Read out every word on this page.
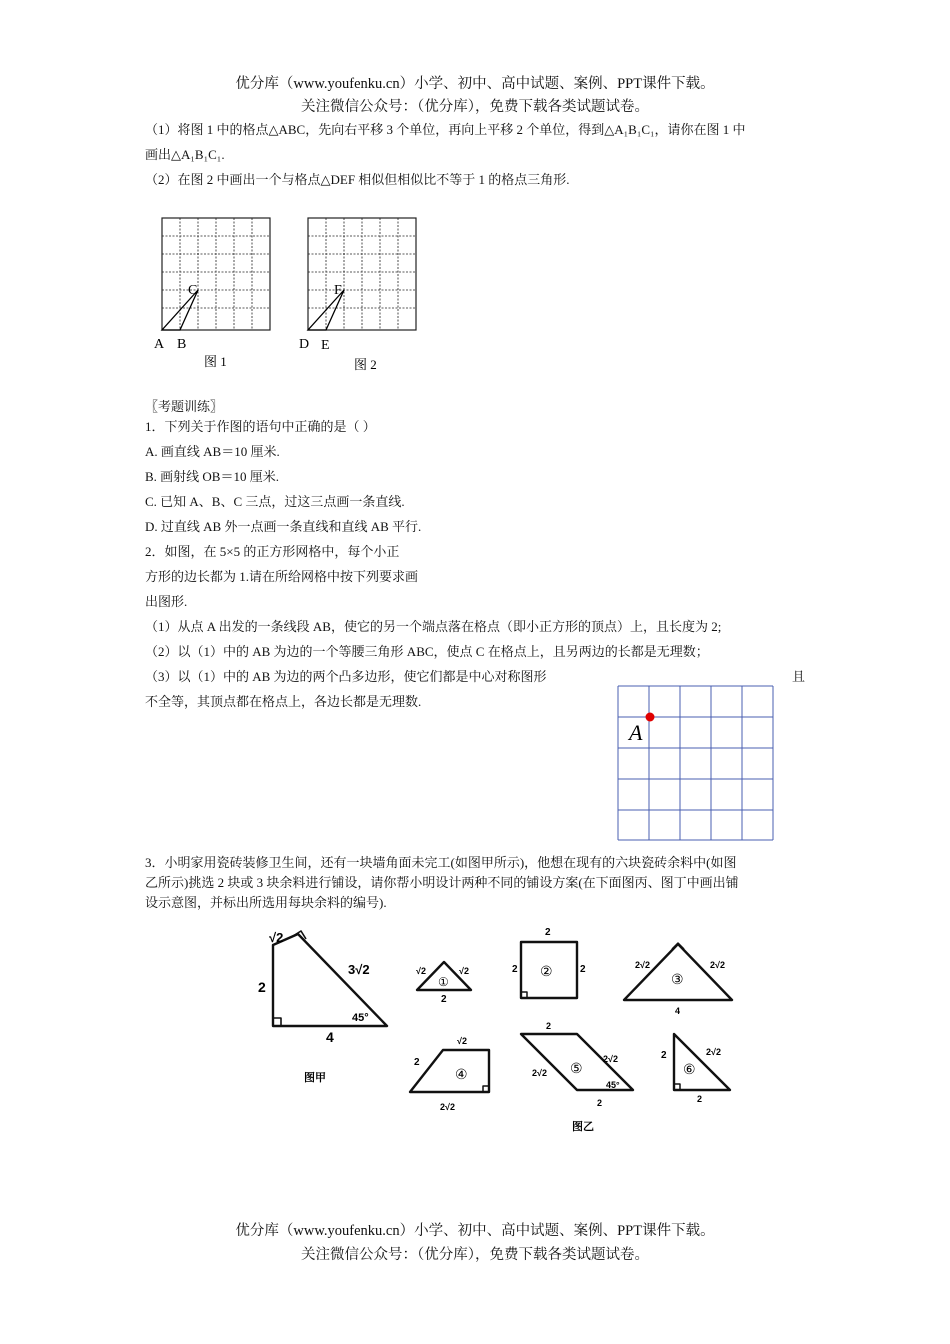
优分库（www.youfenku.cn）小学、初中、高中试题、案例、PPT课件下载。
关注微信公众号：（优分库），免费下载各类试题试卷。
（1）将图 1 中的格点△ABC，先向右平移 3 个单位，再向上平移 2 个单位，得到△A₁B₁C₁，请你在图 1 中
画出△A₁B₁C₁.
（2）在图 2 中画出一个与格点△DEF 相似但相似比不等于 1 的格点三角形.
C
A B
图 1
F
D E
图 2
〖考题训练〗
1．下列关于作图的语句中正确的是（ ）
A. 画直线 AB＝10 厘米.
B. 画射线 OB＝10 厘米.
C. 已知 A、B、C 三点，过这三点画一条直线.
D. 过直线 AB 外一点画一条直线和直线 AB 平行.
2．如图，在 5×5 的正方形网格中，每个小正
方形的边长都为 1.请在所给网格中按下列要求画
出图形.
（1）从点 A 出发的一条线段 AB，使它的另一个端点落在格点（即小正方形的顶点）上，且长度为 2;
（2）以（1）中的 AB 为边的一个等腰三角形 ABC，使点 C 在格点上，且另两边的长都是无理数；
（3）以（1）中的 AB 为边的两个凸多边形，使它们都是中心对称图形	且
不全等，其顶点都在格点上，各边长都是无理数.
A
3．小明家用瓷砖装修卫生间，还有一块墙角面未完工(如图甲所示)，他想在现有的六块瓷砖余料中(如图
乙所示)挑选 2 块或 3 块余料进行铺设，请你帮小明设计两种不同的铺设方案(在下面图丙、图丁中画出铺
设示意图，并标出所选用每块余料的编号).
√2
2
3√2
4
45°
图甲
①
√2	√2
2
②
2
2	2
③
2√2	2√2
4
④
√2
2
2√2
⑤
2
2√2
2√2
2
45°
⑥
2	2√2
2
图乙
优分库（www.youfenku.cn）小学、初中、高中试题、案例、PPT课件下载。
关注微信公众号：（优分库），免费下载各类试题试卷。
